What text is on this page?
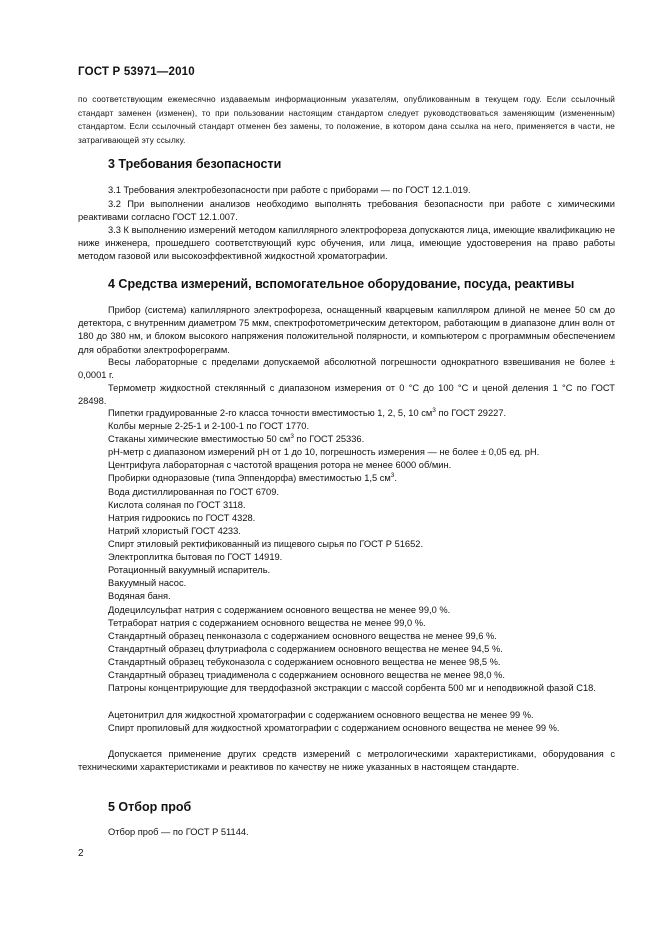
ГОСТ Р 53971—2010

по соответствующим ежемесячно издаваемым информационным указателям, опубликованным в текущем году. Если ссылочный стандарт заменен (изменен), то при пользовании настоящим стандартом следует руководствоваться заменяющим (измененным) стандартом. Если ссылочный стандарт отменен без замены, то положение, в котором дана ссылка на него, применяется в части, не затрагивающей эту ссылку.

3 Требования безопасности

3.1 Требования электробезопасности при работе с приборами — по ГОСТ 12.1.019.

3.2 При выполнении анализов необходимо выполнять требования безопасности при работе с химическими реактивами согласно ГОСТ 12.1.007.

3.3 К выполнению измерений методом капиллярного электрофореза допускаются лица, имеющие квалификацию не ниже инженера, прошедшего соответствующий курс обучения, или лица, имеющие удостоверения на право работы методом газовой или высокоэффективной жидкостной хроматографии.

4 Средства измерений, вспомогательное оборудование, посуда, реактивы

Прибор (система) капиллярного электрофореза, оснащенный кварцевым капилляром длиной не менее 50 см до детектора, с внутренним диаметром 75 мкм, спектрофотометрическим детектором, работающим в диапазоне длин волн от 180 до 380 нм, и блоком высокого напряжения положительной полярности, и компьютером с программным обеспечением для обработки электрофореграмм.

Весы лабораторные с пределами допускаемой абсолютной погрешности однократного взвешивания не более ± 0,0001 г.

Термометр жидкостной стеклянный с диапазоном измерения от 0 °С до 100 °С и ценой деления 1 °С по ГОСТ 28498.

Пипетки градуированные 2-го класса точности вместимостью 1, 2, 5, 10 $см^3$ по ГОСТ 29227.
Колбы мерные 2-25-1 и 2-100-1 по ГОСТ 1770.
Стаканы химические вместимостью 50 $см^3$ по ГОСТ 25336.
pH-метр с диапазоном измерений pH от 1 до 10, погрешность измерения — не более ± 0,05 ед. pH.
Центрифуга лабораторная с частотой вращения ротора не менее 6000 об/мин.
Пробирки одноразовые (типа Эппендорфа) вместимостью 1,5 $см^3$.
Вода дистиллированная по ГОСТ 6709.
Кислота соляная по ГОСТ 3118.
Натрия гидроокись по ГОСТ 4328.
Натрий хлористый ГОСТ 4233.
Спирт этиловый ректификованный из пищевого сырья по ГОСТ Р 51652.
Электроплитка бытовая по ГОСТ 14919.
Ротационный вакуумный испаритель.
Вакуумный насос.
Водяная баня.
Додецилсульфат натрия с содержанием основного вещества не менее 99,0 %.
Тетраборат натрия с содержанием основного вещества не менее 99,0 %.
Стандартный образец пенконазола с содержанием основного вещества не менее 99,6 %.
Стандартный образец флутриафола с содержанием основного вещества не менее 94,5 %.
Стандартный образец тебуконазола с содержанием основного вещества не менее 98,5 %.
Стандартный образец триадименола с содержанием основного вещества не менее 98,0 %.

Патроны концентрирующие для твердофазной экстракции с массой сорбента 500 мг и неподвижной фазой С18.

Ацетонитрил для жидкостной хроматографии с содержанием основного вещества не менее 99 %.

Спирт пропиловый для жидкостной хроматографии с содержанием основного вещества не менее 99 %.

Допускается применение других средств измерений с метрологическими характеристиками, оборудования с техническими характеристиками и реактивов по качеству не ниже указанных в настоящем стандарте.

5 Отбор проб
Отбор проб — по ГОСТ Р 51144.
2
